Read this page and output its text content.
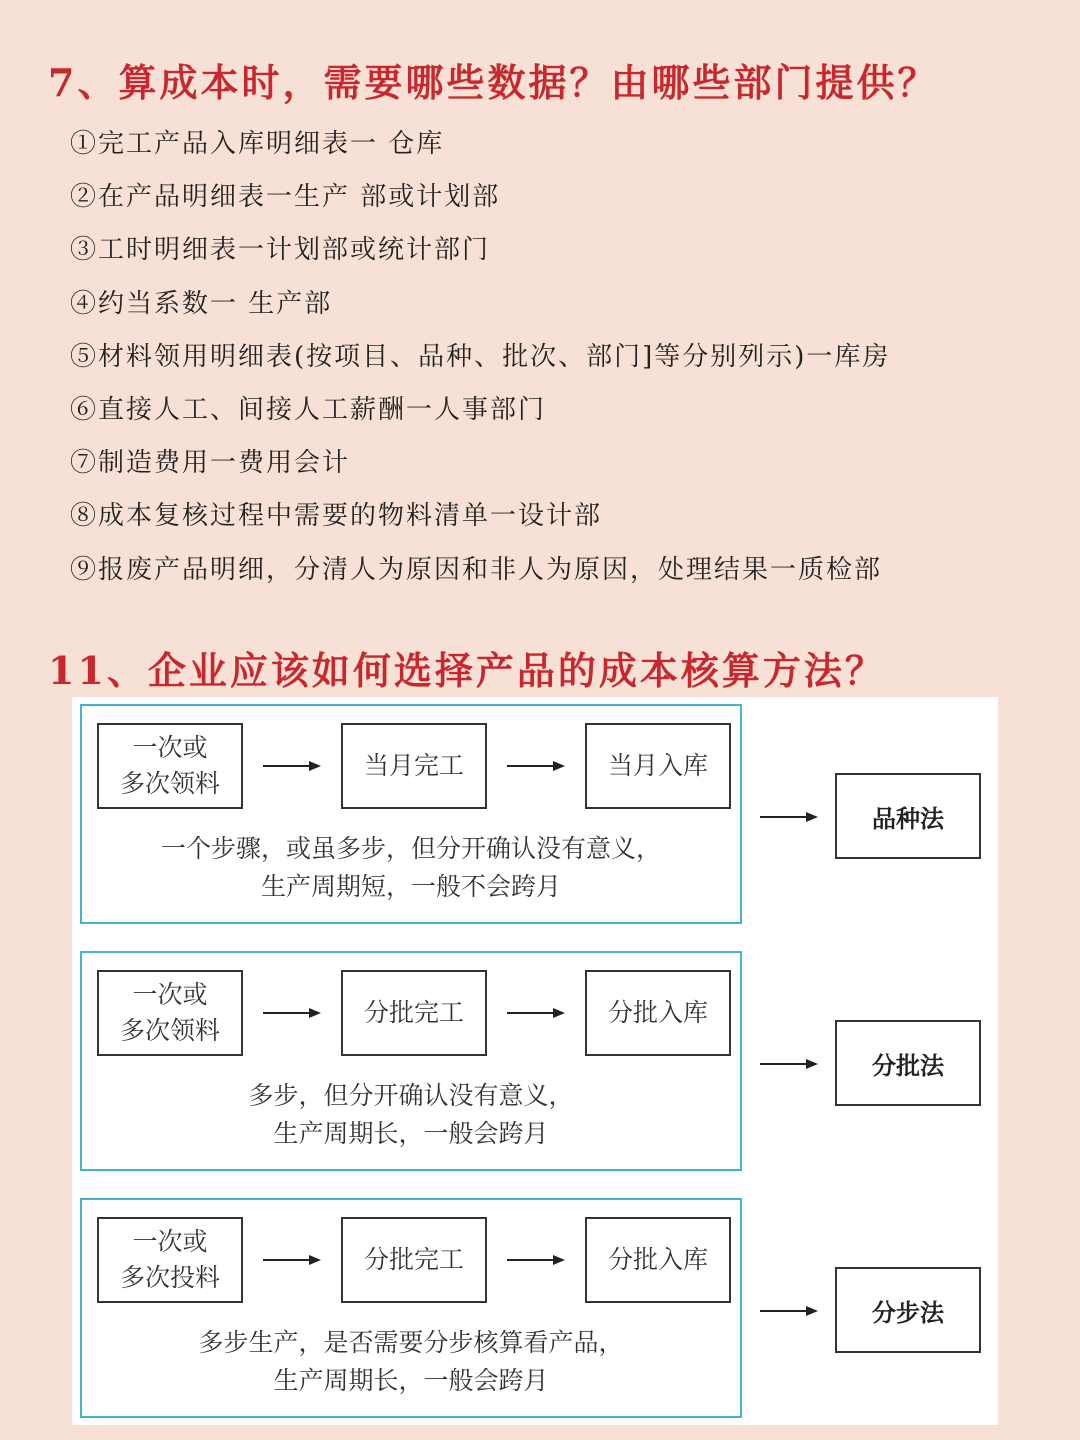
7、算成本时，需要哪些数据？由哪些部门提供？
①完工产品入库明细表一 仓库
②在产品明细表一生产 部或计划部
③工时明细表一计划部或统计部门
④约当系数一 生产部
⑤材料领用明细表(按项目、品种、批次、部门]等分别列示)一库房
⑥直接人工、间接人工薪酬一人事部门
⑦制造费用一费用会计
⑧成本复核过程中需要的物料清单一设计部
⑨报废产品明细，分清人为原因和非人为原因，处理结果一质检部
11、企业应该如何选择产品的成本核算方法？
一次或
多次领料
当月完工	当月入库
一个步骤，或虽多步，但分开确认没有意义，
生产周期短，一般不会跨月
品种法
一次或
多次领料
分批完工	分批入库
多步，但分开确认没有意义，
生产周期长，一般会跨月
分批法
一次或
多次投料
分批完工	分批入库
多步生产，是否需要分步核算看产品，
生产周期长，一般会跨月
分步法
